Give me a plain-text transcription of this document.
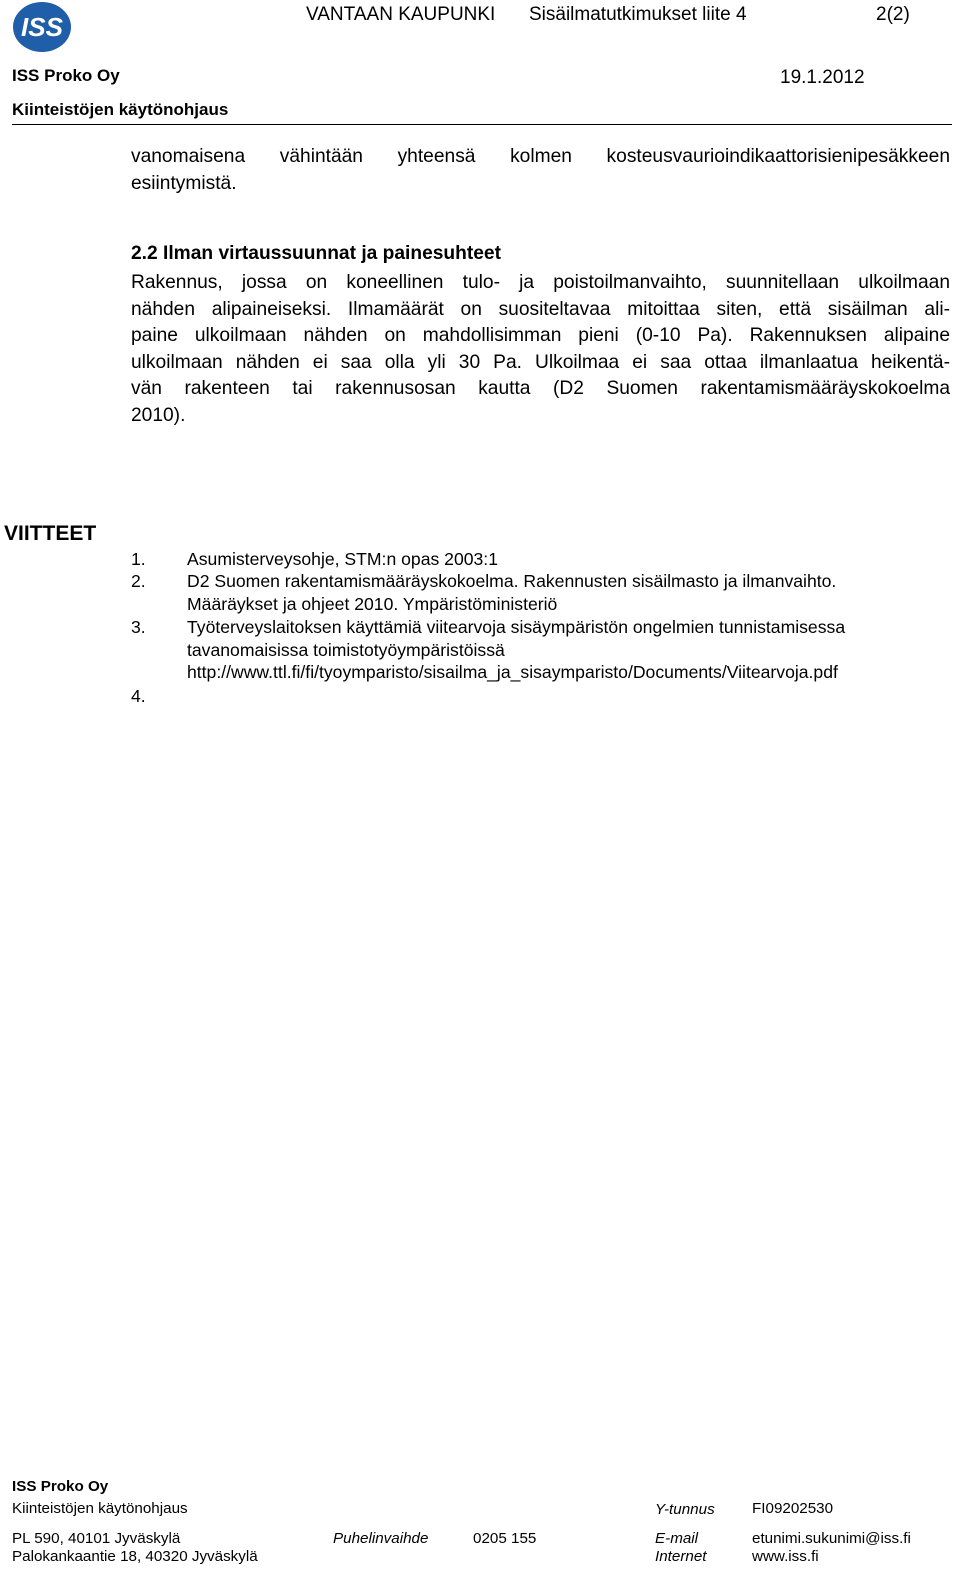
ISS	VANTAAN KAUPUNKI Sisäilmatutkimukset liite 4	2(2)
ISS Proko Oy	19.1.2012
Kiinteistöjen käytönohjaus
vanomaisena vähintään yhteensä kolmen kosteusvaurioindikaattorisienipesäkkeen
esiintymistä.
2.2 Ilman virtaussuunnat ja painesuhteet
Rakennus, jossa on koneellinen tulo- ja poistoilmanvaihto, suunnitellaan ulkoilmaan
nähden alipaineiseksi. Ilmamäärät on suositeltavaa mitoittaa siten, että sisäilman ali-
paine ulkoilmaan nähden on mahdollisimman pieni (0-10 Pa). Rakennuksen alipaine
ulkoilmaan nähden ei saa olla yli 30 Pa. Ulkoilmaa ei saa ottaa ilmanlaatua heikentä-
vän rakenteen tai rakennusosan kautta (D2 Suomen rakentamismääräyskokoelma
2010).
VIITTEET
1. Asumisterveysohje, STM:n opas 2003:1
2. D2 Suomen rakentamismääräyskokoelma. Rakennusten sisäilmasto ja ilmanvaihto.
Määräykset ja ohjeet 2010. Ympäristöministeriö
3. Työterveyslaitoksen käyttämiä viitearvoja sisäympäristön ongelmien tunnistamisessa
tavanomaisissa toimistotyöympäristöissä
http://www.ttl.fi/fi/tyoymparisto/sisailma_ja_sisaymparisto/Documents/Viitearvoja.pdf
4.
ISS Proko Oy
Kiinteistöjen käytönohjaus	Y-tunnus FI09202530
PL 590, 40101 Jyväskylä	Puhelinvaihde	0205 155	E-mail	etunimi.sukunimi@iss.fi
Palokankaantie 18, 40320 Jyväskylä	Internet	www.iss.fi
